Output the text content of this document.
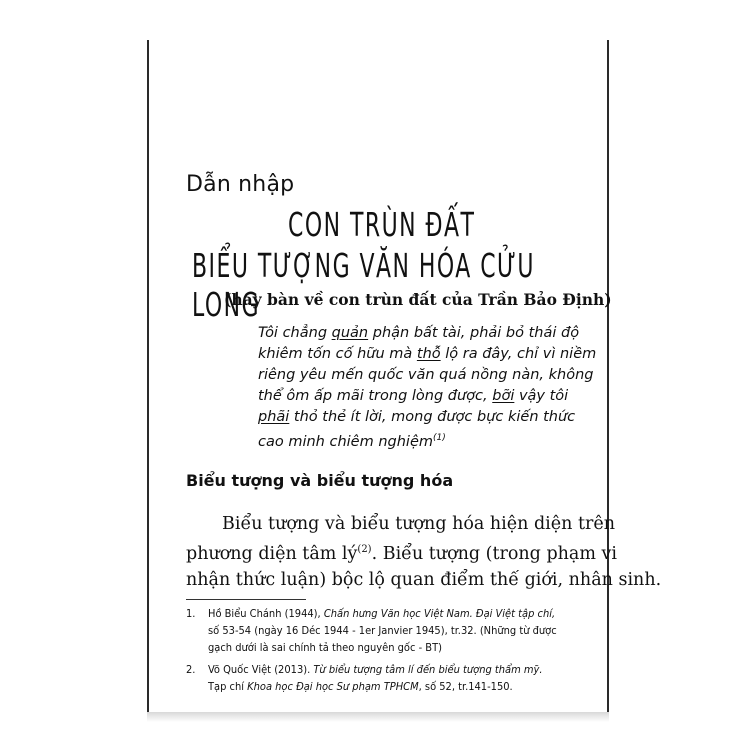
Dẫn nhập
CON TRÙN ĐẤT
BIỂU TƯỢNG VĂN HÓA CỬU LONG
(hay bàn về con trùn đất của Trần Bảo Định)
Tôi chẳng quản phận bất tài, phải bỏ thái độ
khiêm tốn cố hữu mà thỗ lộ ra đây, chỉ vì niềm
riêng yêu mến quốc văn quá nồng nàn, không
thể ôm ấp mãi trong lòng được, bỡi vậy tôi
phãi thỏ thẻ ít lời, mong được bực kiến thức
cao minh chiêm nghiệm$^{(1)}$
Biểu tượng và biểu tượng hóa
Biểu tượng và biểu tượng hóa hiện diện trên
phương diện tâm $lý^{(2)}$. Biểu tượng (trong phạm vi
nhận thức luận) bộc lộ quan điểm thế giới, nhân sinh.
1. Hồ Biểu Chánh (1944), Chấn hưng Văn học Việt Nam. Đại Việt tập chí,
số 53-54 (ngày 16 Déc 1944 - 1er Janvier 1945), tr.32. (Những từ được
gạch dưới là sai chính tả theo nguyên gốc - BT)
2. Võ Quốc Việt (2013). Từ biểu tượng tâm lí đến biểu tượng thẩm mỹ.
Tạp chí Khoa học Đại học Sư phạm TPHCM, số 52, tr.141-150.
